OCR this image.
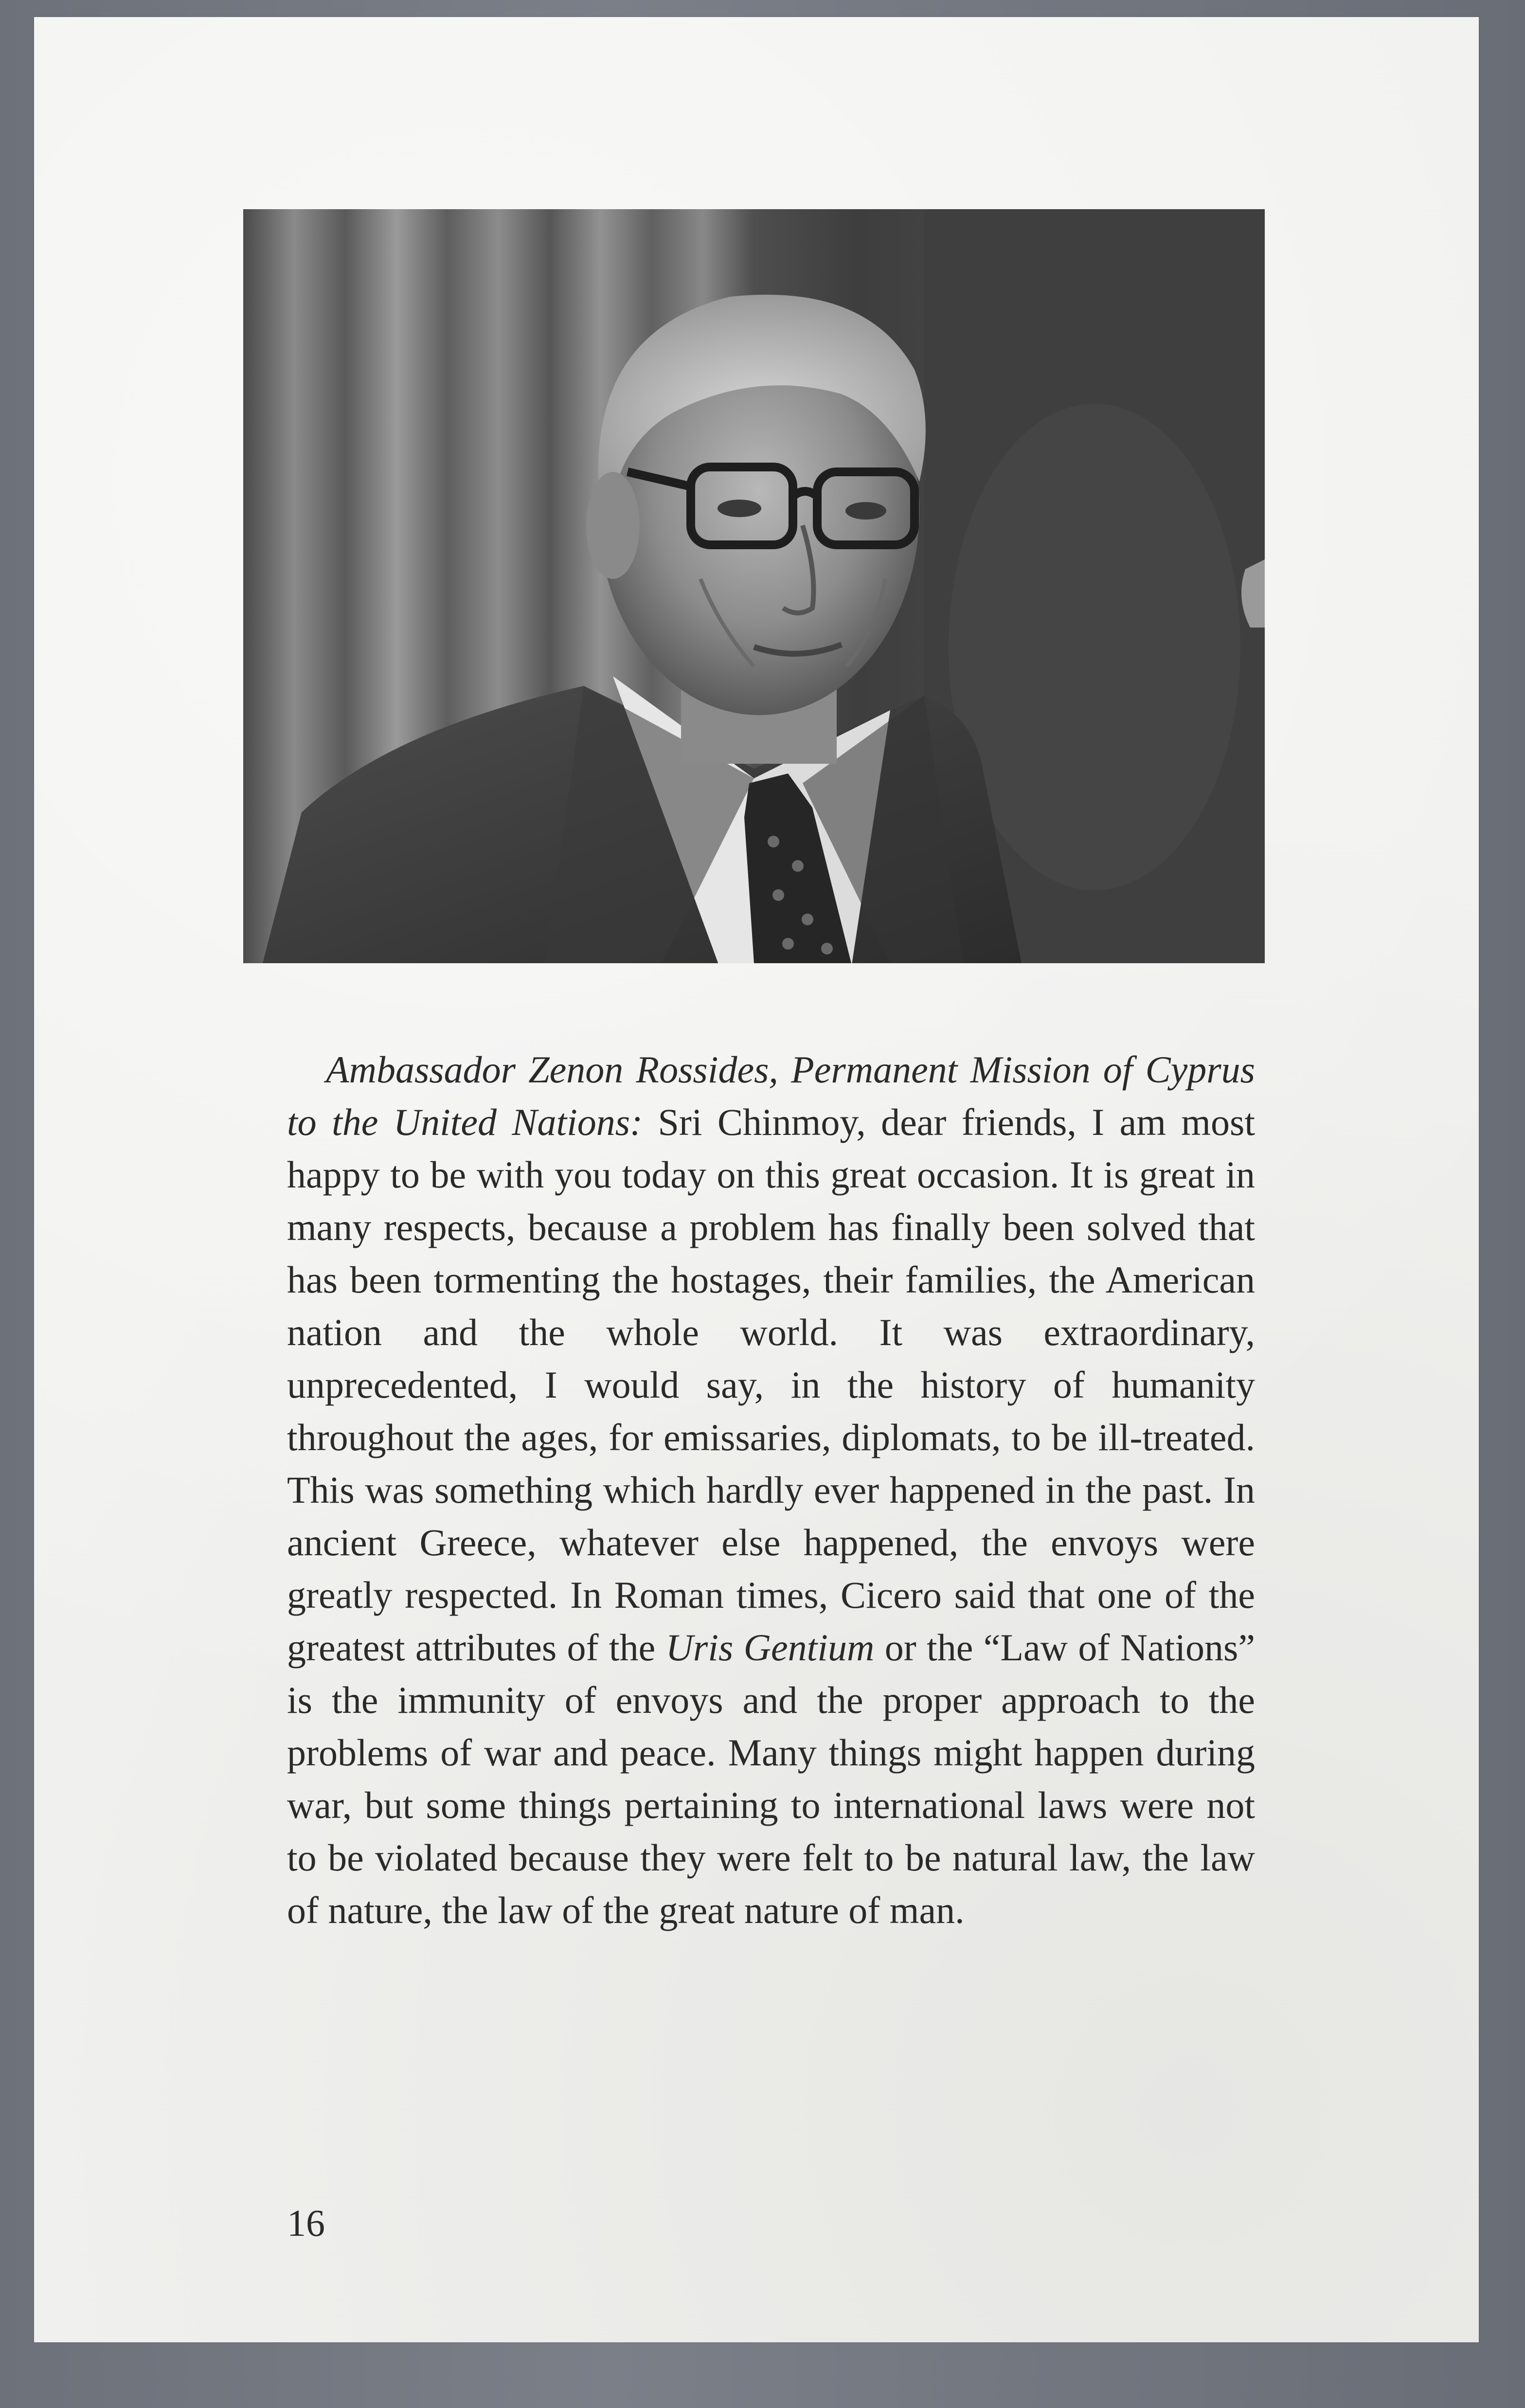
Ambassador Zenon Rossides, Permanent Mission of Cyprus to the United Nations: Sri Chinmoy, dear friends, I am most happy to be with you today on this great occasion. It is great in many respects, because a problem has finally been solved that has been tormenting the hostages, their families, the American nation and the whole world. It was extraordinary, unprecedented, I would say, in the history of humanity throughout the ages, for emissaries, diplomats, to be ill-treated. This was something which hardly ever happened in the past. In ancient Greece, whatever else happened, the envoys were greatly respected. In Roman times, Cicero said that one of the greatest attributes of the Uris Gentium or the “Law of Nations” is the immunity of envoys and the proper approach to the problems of war and peace. Many things might happen during war, but some things pertaining to international laws were not to be violated because they were felt to be natural law, the law of nature, the law of the great nature of man.
16
